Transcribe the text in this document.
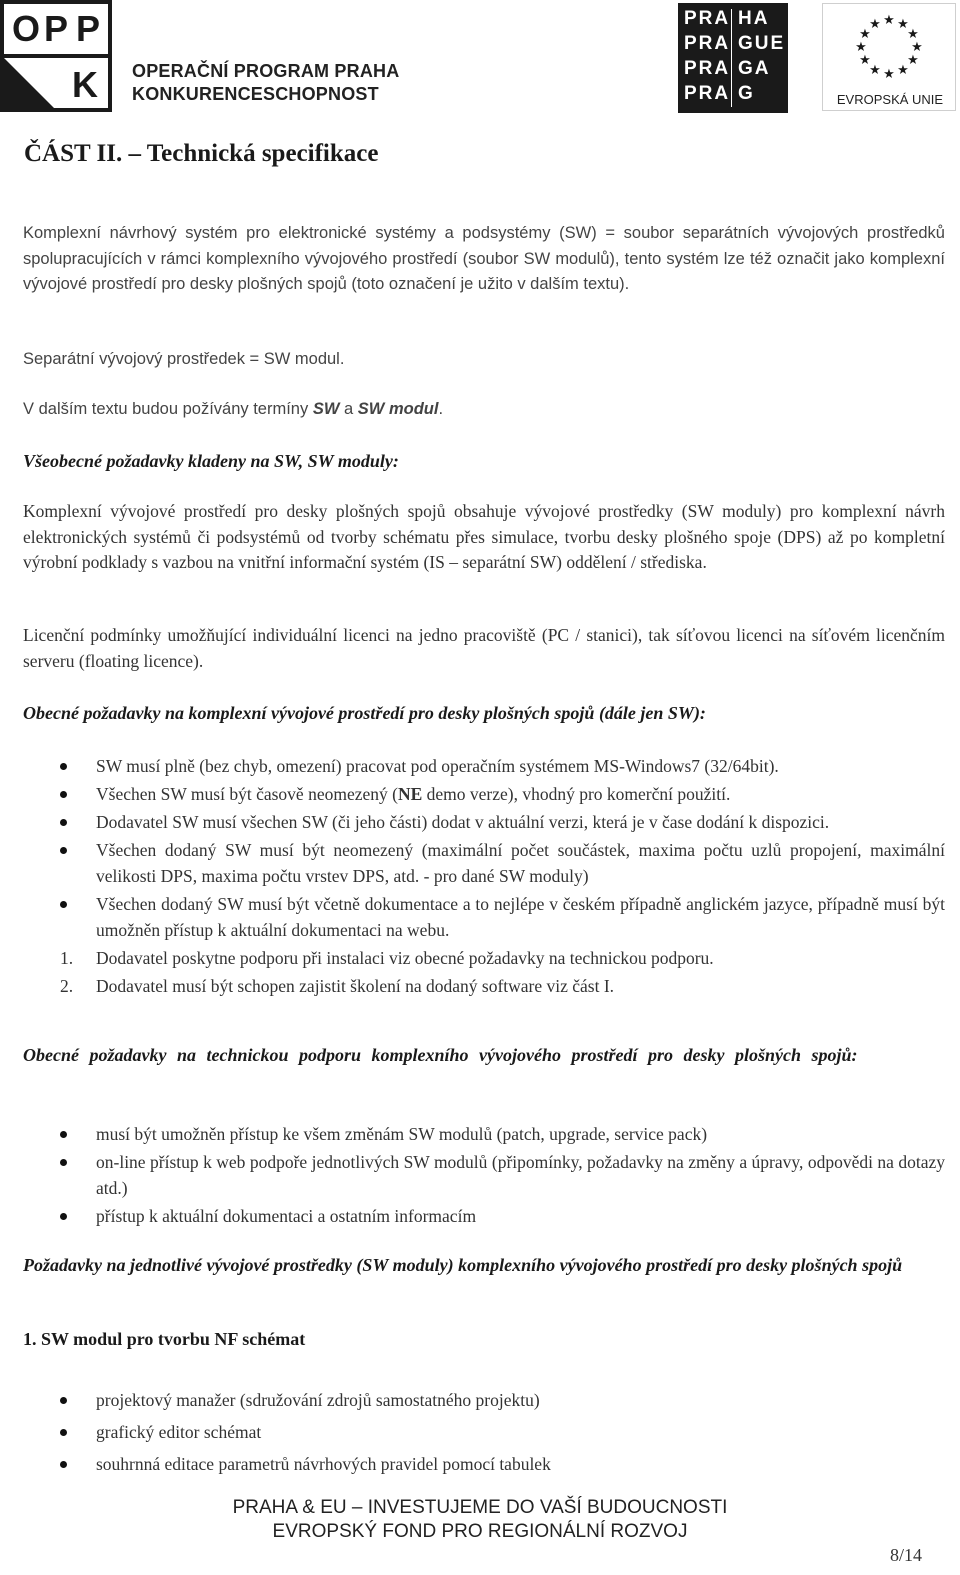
O P P
K OPERAČNÍ PROGRAM PRAHA
KONKURENCESCHOPNOST
PRA HA
PRA GUE
PRA GA
PRA G
★ ★
★
★
★
★
★
★
★
★
★
★
EVROPSKÁ UNIE
ČÁST II. – Technická specifikace

Komplexní návrhový systém pro elektronické systémy a podsystémy (SW) = soubor separátních vývojových prostředků spolupracujících v rámci komplexního vývojového prostředí (soubor SW modulů), tento systém lze též označit jako komplexní vývojové prostředí pro desky plošných spojů (toto označení je užito v dalším textu).

Separátní vývojový prostředek = SW modul.

V dalším textu budou požívány termíny SW a SW modul.

Všeobecné požadavky kladeny na SW, SW moduly:

Komplexní vývojové prostředí pro desky plošných spojů obsahuje vývojové prostředky (SW moduly) pro komplexní návrh elektronických systémů či podsystémů od tvorby schématu přes simulace, tvorbu desky plošného spoje (DPS) až po kompletní výrobní podklady s vazbou na vnitřní informační systém (IS – separátní SW) oddělení / střediska.

Licenční podmínky umožňující individuální licenci na jedno pracoviště (PC / stanici), tak síťovou licenci na síťovém licenčním serveru (floating licence).

Obecné požadavky na komplexní vývojové prostředí pro desky plošných spojů (dále jen SW):

SW musí plně (bez chyb, omezení) pracovat pod operačním systémem MS-Windows7 (32/64bit).
Všechen SW musí být časově neomezený (NE demo verze), vhodný pro komerční použití.
Dodavatel SW musí všechen SW (či jeho části) dodat v aktuální verzi, která je v čase dodání k dispozici.
Všechen dodaný SW musí být neomezený (maximální počet součástek, maxima počtu uzlů propojení, maximální velikosti DPS, maxima počtu vrstev DPS, atd. - pro dané SW moduly)
Všechen dodaný SW musí být včetně dokumentace a to nejlépe v českém případně anglickém jazyce, případně musí být umožněn přístup k aktuální dokumentaci na webu.
1. Dodavatel poskytne podporu při instalaci viz obecné požadavky na technickou podporu.
2. Dodavatel musí být schopen zajistit školení na dodaný software viz část I.

Obecné požadavky na technickou podporu komplexního vývojového prostředí pro desky plošných spojů:

musí být umožněn přístup ke všem změnám SW modulů (patch, upgrade, service pack)
on-line přístup k web podpoře jednotlivých SW modulů (připomínky, požadavky na změny a úpravy, odpovědi na dotazy atd.)
přístup k aktuální dokumentaci a ostatním informacím

Požadavky na jednotlivé vývojové prostředky (SW moduly) komplexního vývojového prostředí pro desky plošných spojů

1. SW modul pro tvorbu NF schémat
projektový manažer (sdružování zdrojů samostatného projektu)
grafický editor schémat
souhrnná editace parametrů návrhových pravidel pomocí tabulek
PRAHA & EU – INVESTUJEME DO VAŠÍ BUDOUCNOSTI
EVROPSKÝ FOND PRO REGIONÁLNÍ ROZVOJ
8/14
